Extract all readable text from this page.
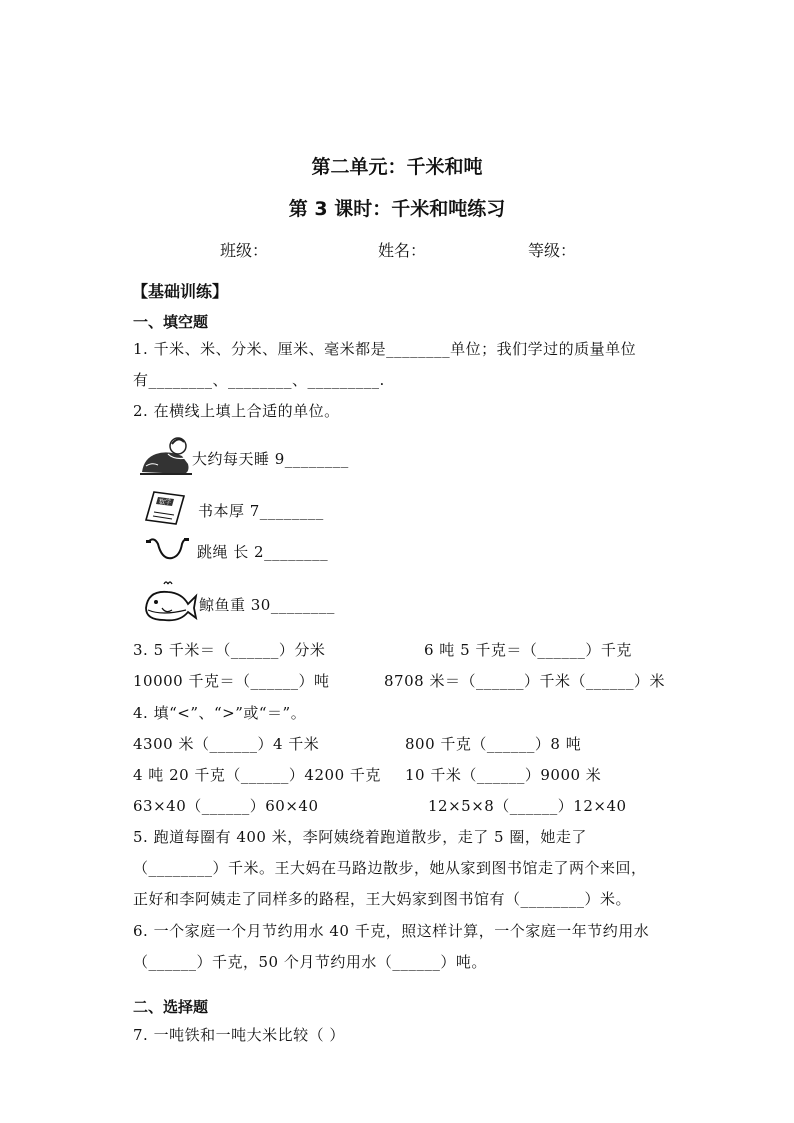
第二单元：千米和吨
第 3 课时：千米和吨练习
班级：	姓名：	等级：
【基础训练】
一、填空题
1. 千米、米、分米、厘米、毫米都是________单位；我们学过的质量单位
有________、________、_________.
2. 在横线上填上合适的单位。
大约每天睡 9________
数学 书本厚 7________
跳绳 长 2________
鲸鱼重 30________
3. 5 千米＝（______）分米	6 吨 5 千克＝（______）千克
10000 千克＝（______）吨	8708 米＝（______）千米（______）米
4. 填“<”、“>”或“＝”。
4300 米（______）4 千米	800 千克（______）8 吨
4 吨 20 千克（______）4200 千克 10 千米（______）9000 米
63×40（______）60×40	12×5×8（______）12×40
5. 跑道每圈有 400 米，李阿姨绕着跑道散步，走了 5 圈，她走了
（________）千米。王大妈在马路边散步，她从家到图书馆走了两个来回，
正好和李阿姨走了同样多的路程，王大妈家到图书馆有（________）米。
6. 一个家庭一个月节约用水 40 千克，照这样计算，一个家庭一年节约用水
（______）千克，50 个月节约用水（______）吨。
二、选择题
7. 一吨铁和一吨大米比较（ ）
